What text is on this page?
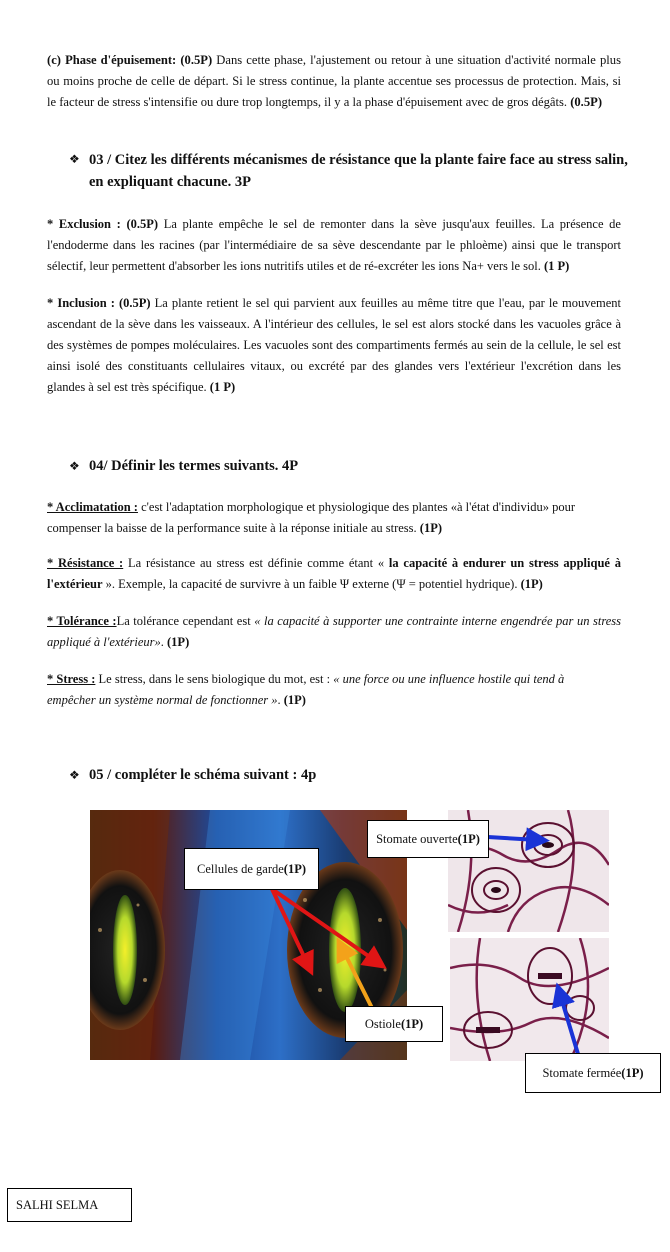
(c) Phase d'épuisement: (0.5P) Dans cette phase, l'ajustement ou retour à une situation d'activité normale plus ou moins proche de celle de départ. Si le stress continue, la plante accentue ses processus de protection. Mais, si le facteur de stress s'intensifie ou dure trop longtemps, il y a la phase d'épuisement avec de gros dégâts. (0.5P)

❖ 03 / Citez les différents mécanismes de résistance que la plante faire face au stress salin, en expliquant chacune. 3P

* Exclusion : (0.5P) La plante empêche le sel de remonter dans la sève jusqu'aux feuilles. La présence de l'endoderme dans les racines (par l'intermédiaire de sa sève descendante par le phloème) ainsi que le transport sélectif, leur permettent d'absorber les ions nutritifs utiles et de ré-excréter les ions Na+ vers le sol. (1 P)

* Inclusion : (0.5P) La plante retient le sel qui parvient aux feuilles au même titre que l'eau, par le mouvement ascendant de la sève dans les vaisseaux. A l'intérieur des cellules, le sel est alors stocké dans les vacuoles grâce à des systèmes de pompes moléculaires. Les vacuoles sont des compartiments fermés au sein de la cellule, le sel est ainsi isolé des constituants cellulaires vitaux, ou excrété par des glandes vers l'extérieur l'excrétion dans les glandes à sel est très spécifique. (1 P)

❖ 04/ Définir les termes suivants. 4P

* Acclimatation : c'est l'adaptation morphologique et physiologique des plantes «à l'état d'individu» pour compenser la baisse de la performance suite à la réponse initiale au stress. (1P)

* Résistance : La résistance au stress est définie comme étant « la capacité à endurer un stress appliqué à l'extérieur ». Exemple, la capacité de survivre à un faible Ψ externe (Ψ = potentiel hydrique). (1P)

* Tolérance :La tolérance cependant est « la capacité à supporter une contrainte interne engendrée par un stress appliqué à l'extérieur». (1P)

* Stress : Le stress, dans le sens biologique du mot, est : « une force ou une influence hostile qui tend à empêcher un système normal de fonctionner ». (1P)

❖ 05 / compléter le schéma suivant : 4p
Stomate ouverte (1P)
Cellules de garde (1P)
Ostiole (1P)
Stomate fermée (1P)
SALHI SELMA
